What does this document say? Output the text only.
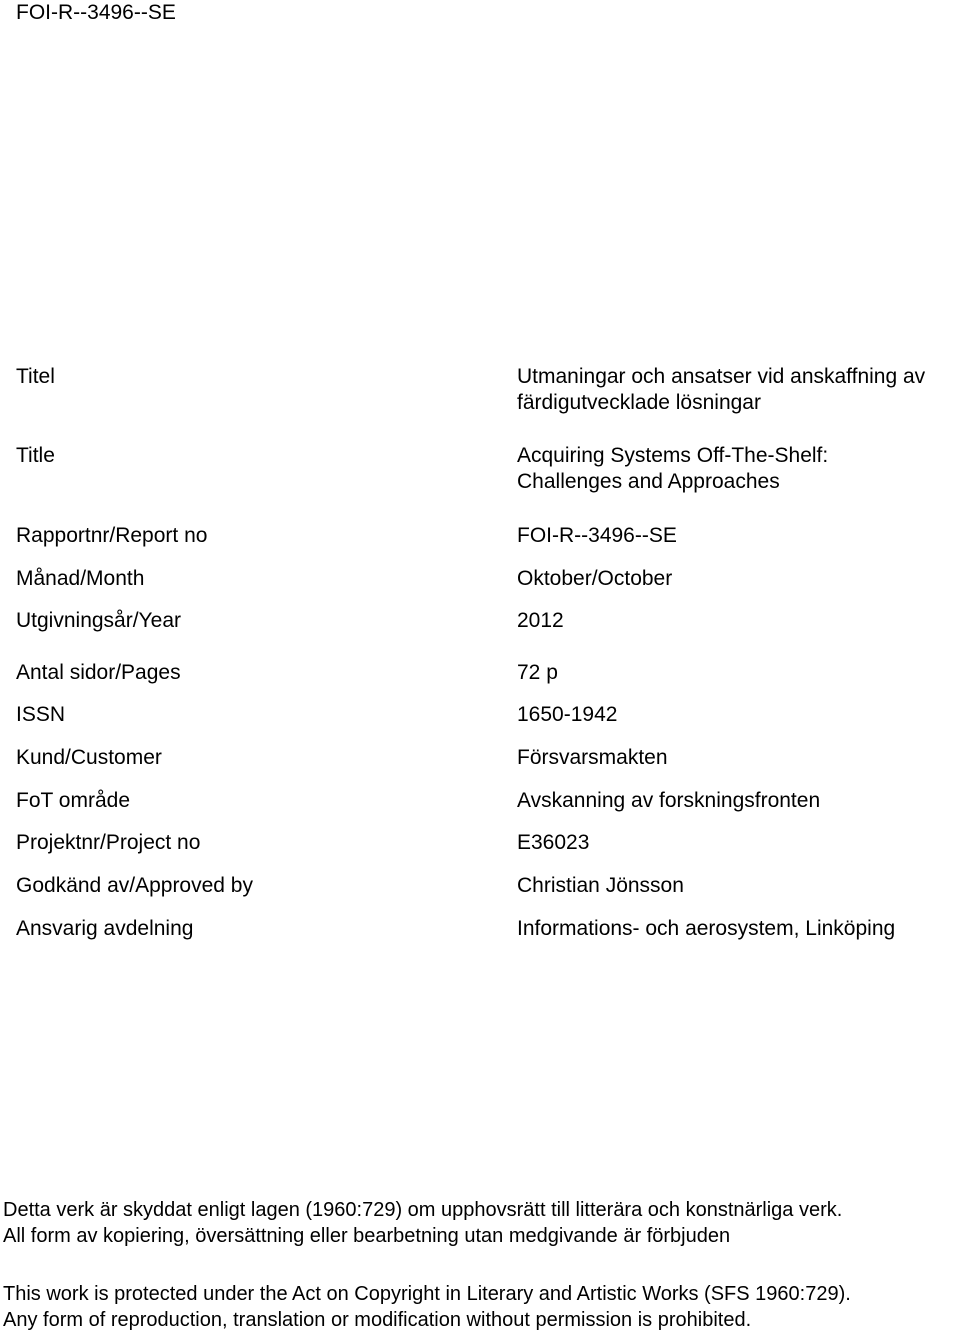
FOI-R--3496--SE
Titel	Utmaningar och ansatser vid anskaffning av
färdigutvecklade lösningar
Title	Acquiring Systems Off-The-Shelf:
Challenges and Approaches
Rapportnr/Report no	FOI-R--3496--SE
Månad/Month	Oktober/October
Utgivningsår/Year	2012
Antal sidor/Pages	72 p
ISSN	1650-1942
Kund/Customer	Försvarsmakten
FoT område	Avskanning av forskningsfronten
Projektnr/Project no	E36023
Godkänd av/Approved by	Christian Jönsson
Ansvarig avdelning	Informations- och aerosystem, Linköping
Detta verk är skyddat enligt lagen (1960:729) om upphovsrätt till litterära och konstnärliga verk.
All form av kopiering, översättning eller bearbetning utan medgivande är förbjuden
This work is protected under the Act on Copyright in Literary and Artistic Works (SFS 1960:729).
Any form of reproduction, translation or modification without permission is prohibited.
